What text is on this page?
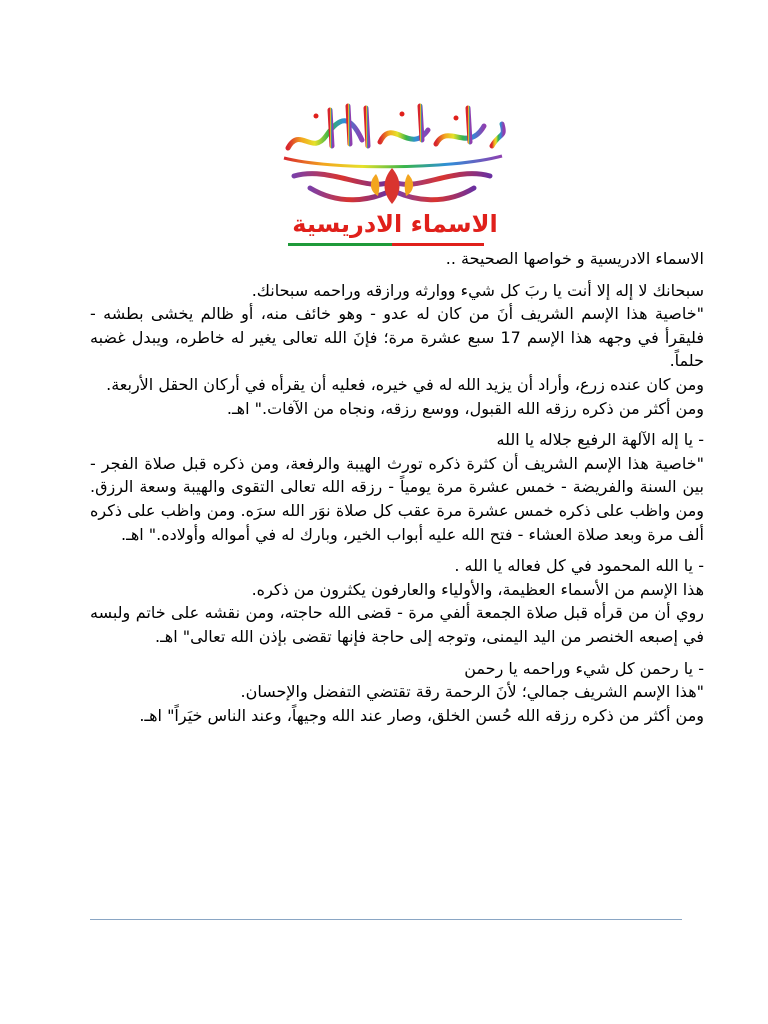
بسم الله الرحمن الرحيم
الاسماء الادريسية

الاسماء الادريسية و خواصها الصحيحة ..

سبحانك لا إله إلا أنت يا ربَ كل شيء ووارثه ورازقه وراحمه سبحانك.

"خاصية هذا الإسم الشريف أنَ من كان له عدو - وهو خائف منه، أو ظالم يخشى بطشه - فليقرأ في وجهه هذا الإسم 17 سبع عشرة مرة؛ فإنَ الله تعالى يغير له خاطره، ويبدل غضبه حلماً.

ومن كان عنده زرع، وأراد أن يزيد الله له في خيره، فعليه أن يقرأه في أركان الحقل الأربعة.

ومن أكثر من ذكره رزقه الله القبول، ووسع رزقه، ونجاه من الآفات." اهـ.

- يا إله الآلهة الرفيع جلاله يا الله

"خاصية هذا الإسم الشريف أن كثرة ذكره تورث الهيبة والرفعة، ومن ذكره قبل صلاة الفجر - بين السنة والفريضة - خمس عشرة مرة يومياً - رزقه الله تعالى التقوى والهيبة وسعة الرزق. ومن واظب على ذكره خمس عشرة مرة عقب كل صلاة نوَر الله سرَه. ومن واظب على ذكره ألف مرة وبعد صلاة العشاء - فتح الله عليه أبواب الخير، وبارك له في أمواله وأولاده." اهـ.

- يا الله المحمود في كل فعاله يا الله .

هذا الإسم من الأسماء العظيمة، والأولياء والعارفون يكثرون من ذكره.

روي أن من قرأه قبل صلاة الجمعة ألفي مرة - قضى الله حاجته، ومن نقشه على خاتم ولبسه في إصبعه الخنصر من اليد اليمنى، وتوجه إلى حاجة فإنها تقضى بإذن الله تعالى" اهـ.

- يا رحمن كل شيء وراحمه يا رحمن

"هذا الإسم الشريف جمالي؛ لأنَ الرحمة رقة تقتضي التفضل والإحسان.

ومن أكثر من ذكره رزقه الله حُسن الخلق، وصار عند الله وجيهاً، وعند الناس خيَراً" اهـ.
